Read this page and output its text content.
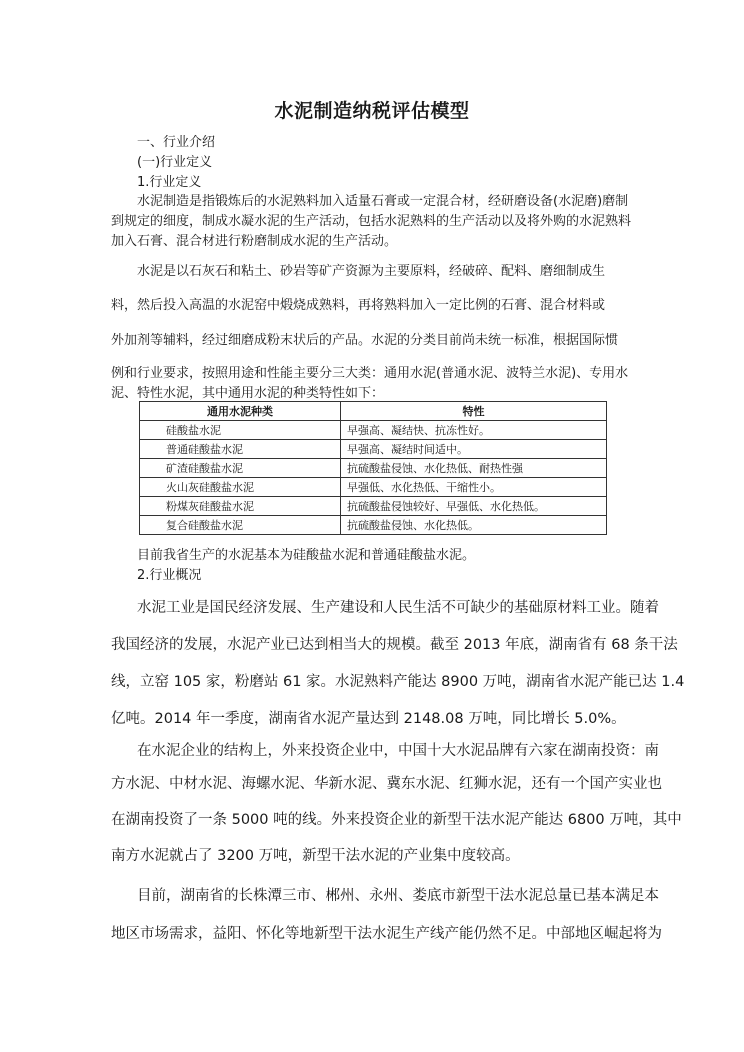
水泥制造纳税评估模型
一、行业介绍
(一)行业定义
1.行业定义
水泥制造是指锻炼后的水泥熟料加入适量石膏或一定混合材，经研磨设备(水泥磨)磨制
到规定的细度，制成水凝水泥的生产活动，包括水泥熟料的生产活动以及将外购的水泥熟料
加入石膏、混合材进行粉磨制成水泥的生产活动。
水泥是以石灰石和粘土、砂岩等矿产资源为主要原料，经破碎、配料、磨细制成生
料，然后投入高温的水泥窑中煅烧成熟料，再将熟料加入一定比例的石膏、混合材料或
外加剂等辅料，经过细磨成粉末状后的产品。水泥的分类目前尚未统一标准，根据国际惯
例和行业要求，按照用途和性能主要分三大类：通用水泥(普通水泥、波特兰水泥)、专用水
泥、特性水泥，其中通用水泥的种类特性如下：
通用水泥种类	特性
硅酸盐水泥	早强高、凝结快、抗冻性好。
普通硅酸盐水泥	早强高、凝结时间适中。
矿渣硅酸盐水泥	抗硫酸盐侵蚀、水化热低、耐热性强
火山灰硅酸盐水泥	早强低、水化热低、干缩性小。
粉煤灰硅酸盐水泥	抗硫酸盐侵蚀较好、早强低、水化热低。
复合硅酸盐水泥	抗硫酸盐侵蚀、水化热低。
目前我省生产的水泥基本为硅酸盐水泥和普通硅酸盐水泥。
2.行业概况
水泥工业是国民经济发展、生产建设和人民生活不可缺少的基础原材料工业。随着
我国经济的发展，水泥产业已达到相当大的规模。截至 2013 年底，湖南省有 68 条干法
线，立窑 105 家，粉磨站 61 家。水泥熟料产能达 8900 万吨，湖南省水泥产能已达 1.4
亿吨。2014 年一季度，湖南省水泥产量达到 2148.08 万吨，同比增长 5.0%。
在水泥企业的结构上，外来投资企业中，中国十大水泥品牌有六家在湖南投资：南
方水泥、中材水泥、海螺水泥、华新水泥、冀东水泥、红狮水泥，还有一个国产实业也
在湖南投资了一条 5000 吨的线。外来投资企业的新型干法水泥产能达 6800 万吨，其中
南方水泥就占了 3200 万吨，新型干法水泥的产业集中度较高。
目前，湖南省的长株潭三市、郴州、永州、娄底市新型干法水泥总量已基本满足本
地区市场需求，益阳、怀化等地新型干法水泥生产线产能仍然不足。中部地区崛起将为
